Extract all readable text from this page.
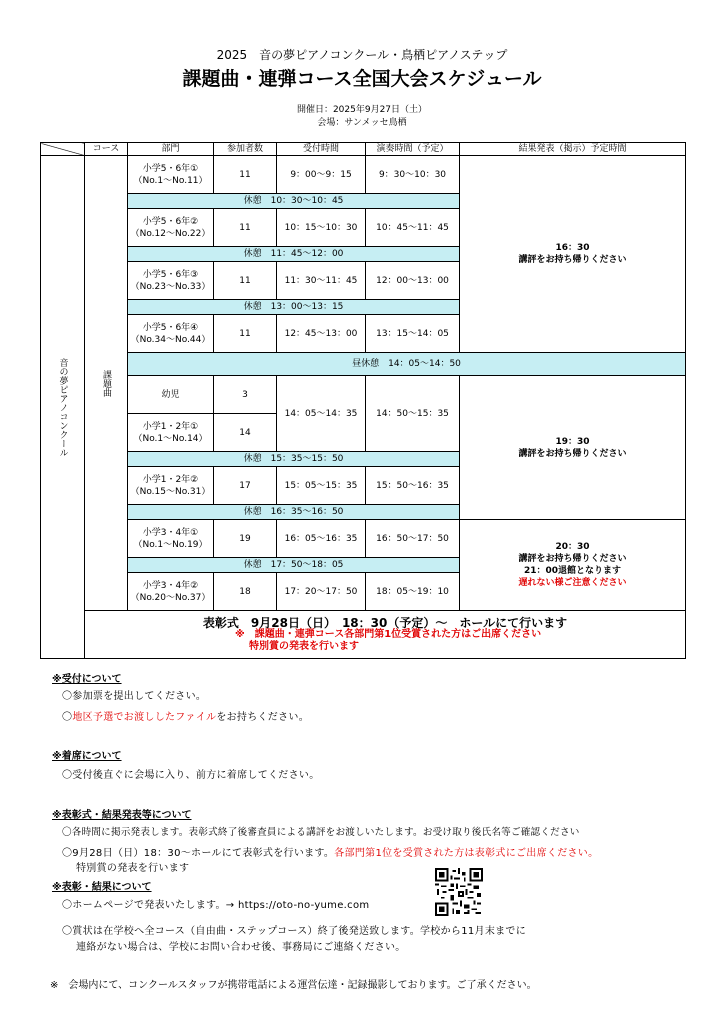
2025　音の夢ピアノコンクール・鳥栖ピアノステップ
課題曲・連弾コース全国大会スケジュール
開催日：2025年9月27日（土）
会場：サンメッセ鳥栖
	コース	部門	参加者数	受付時間	演奏時間（予定）	結果発表（掲示）予定時間
音の夢ピアノコンクール	課題曲	小学5・6年①
（No.1～No.11）	11	9：00～9：15	9：30～10：30	16：30
講評をお持ち帰りください
		休憩　10：30～10：45				
		小学5・6年②
（No.12～No.22）	11	10：15～10：30	10：45～11：45	
		休憩　11：45～12：00				
		小学5・6年③
（No.23～No.33）	11	11：30～11：45	12：00～13：00	
		休憩　13：00～13：15				
		小学5・6年④
（No.34～No.44）	11	12：45～13：00	13：15～14：05	
		昼休憩　14：05～14：50				
		幼児	3	14：05～14：35	14：50～15：35	19：30
講評をお持ち帰りください
		小学1・2年①
（No.1～No.14）	14			
		休憩　15：35～15：50				
		小学1・2年②
（No.15～No.31）	17	15：05～15：35	15：50～16：35	
		休憩　16：35～16：50				
		小学3・4年①
（No.1～No.19）	19	16：05～16：35	16：50～17：50	20：30
講評をお持ち帰りください
21：00退館となります
遅れない様ご注意ください
		休憩　17：50～18：05				
		小学3・4年②
（No.20～No.37）	18	17：20～17：50	18：05～19：10	

	表彰式　9月28日（日）　18：30（予定）～　ホールにて行います
※　課題曲・連弾コース各部門第1位受賞された方はご出席ください
特別賞の発表を行います					
※受付について
〇参加票を提出してください。
〇地区予選でお渡ししたファイルをお持ちください。
※着席について
〇受付後直ぐに会場に入り、前方に着席してください。
※表彰式・結果発表等について
〇各時間に掲示発表します。表彰式終了後審査員による講評をお渡しいたします。お受け取り後氏名等ご確認ください
〇9月28日（日）18：30～ホールにて表彰式を行います。各部門第1位を受賞された方は表彰式にご出席ください。
特別賞の発表を行います
※表彰・結果について
〇ホームページで発表いたします。→ https://oto-no-yume.com
〇賞状は在学校へ全コース（自由曲・ステップコース）終了後発送致します。学校から11月末までに
連絡がない場合は、学校にお問い合わせ後、事務局にご連絡ください。
※　会場内にて、コンクールスタッフが携帯電話による運営伝達・記録撮影しております。ご了承ください。
